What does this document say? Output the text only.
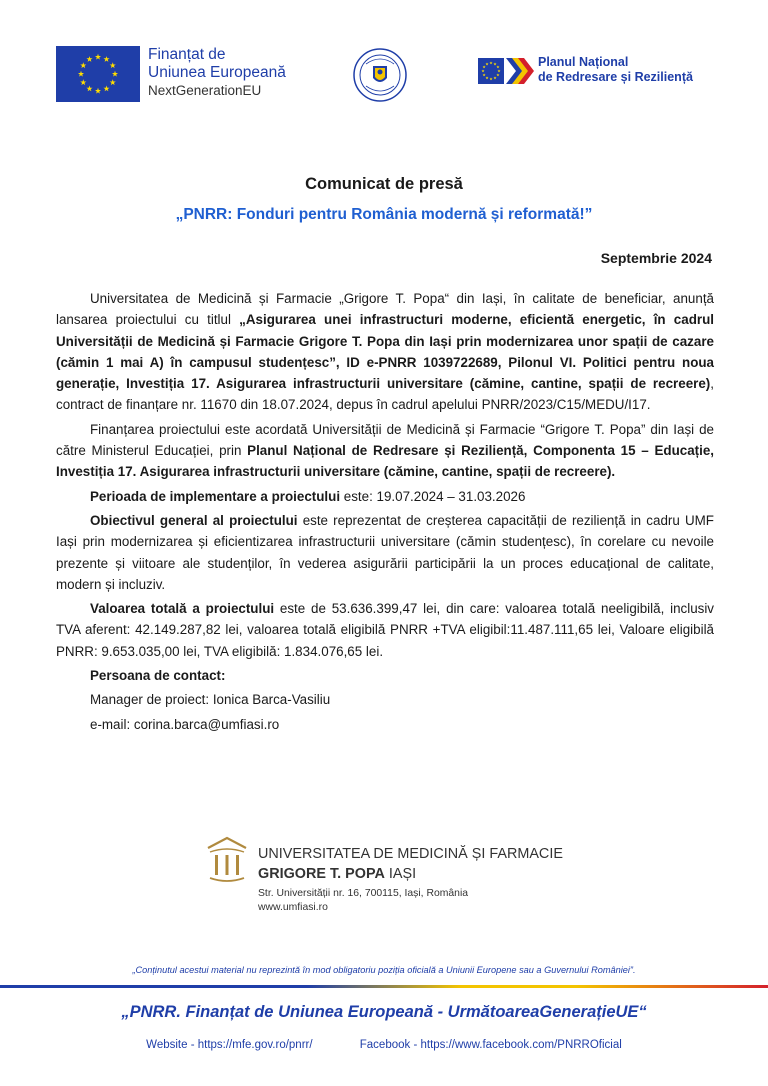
Finanțat de
Uniunea Europeană
NextGenerationEU
Planul Național
de Redresare și Reziliență
Comunicat de presă
„PNRR: Fonduri pentru România modernă și reformată!”
Septembrie 2024

Universitatea de Medicină și Farmacie „Grigore T. Popa“ din Iași, în calitate de beneficiar, anunță lansarea proiectului cu titlul „Asigurarea unei infrastructuri moderne, eficientă energetic, în cadrul Universității de Medicină și Farmacie Grigore T. Popa din Iași prin modernizarea unor spații de cazare (cămin 1 mai A) în campusul studențesc”, ID e-PNRR 1039722689, Pilonul VI. Politici pentru noua generație, Investiția 17. Asigurarea infrastructurii universitare (cămine, cantine, spații de recreere), contract de finanțare nr. 11670 din 18.07.2024, depus în cadrul apelului PNRR/2023/C15/MEDU/I17.

Finanțarea proiectului este acordată Universității de Medicină și Farmacie “Grigore T. Popa” din Iași de către Ministerul Educației, prin Planul Național de Redresare și Reziliență, Componenta 15 – Educație, Investiția 17. Asigurarea infrastructurii universitare (cămine, cantine, spații de recreere).

Perioada de implementare a proiectului este: 19.07.2024 – 31.03.2026

Obiectivul general al proiectului este reprezentat de creșterea capacității de reziliență in cadru UMF Iași prin modernizarea și eficientizarea infrastructurii universitare (cămin studențesc), în corelare cu nevoile prezente și viitoare ale studenților, în vederea asigurării participării la un proces educațional de calitate, modern și incluziv.

Valoarea totală a proiectului este de 53.636.399,47 lei, din care: valoarea totală neeligibilă, inclusiv TVA aferent: 42.149.287,82 lei, valoarea totală eligibilă PNRR +TVA eligibil:11.487.111,65 lei, Valoare eligibilă PNRR: 9.653.035,00 lei, TVA eligibilă: 1.834.076,65 lei.

Persoana de contact:

Manager de proiect: Ionica Barca-Vasiliu

e-mail: corina.barca@umfiasi.ro

UNIVERSITATEA DE MEDICINĂ ȘI FARMACIE
GRIGORE T. POPA IAȘI
Str. Universității nr. 16, 700115, Iași, România
www.umfiasi.ro
„Conținutul acestui material nu reprezintă în mod obligatoriu poziția oficială a Uniunii Europene sau a Guvernului României”.
„PNRR. Finanțat de Uniunea Europeană - UrmătoareaGenerațieUE“
Website - https://mfe.gov.ro/pnrr/	Facebook - https://www.facebook.com/PNRROficial
